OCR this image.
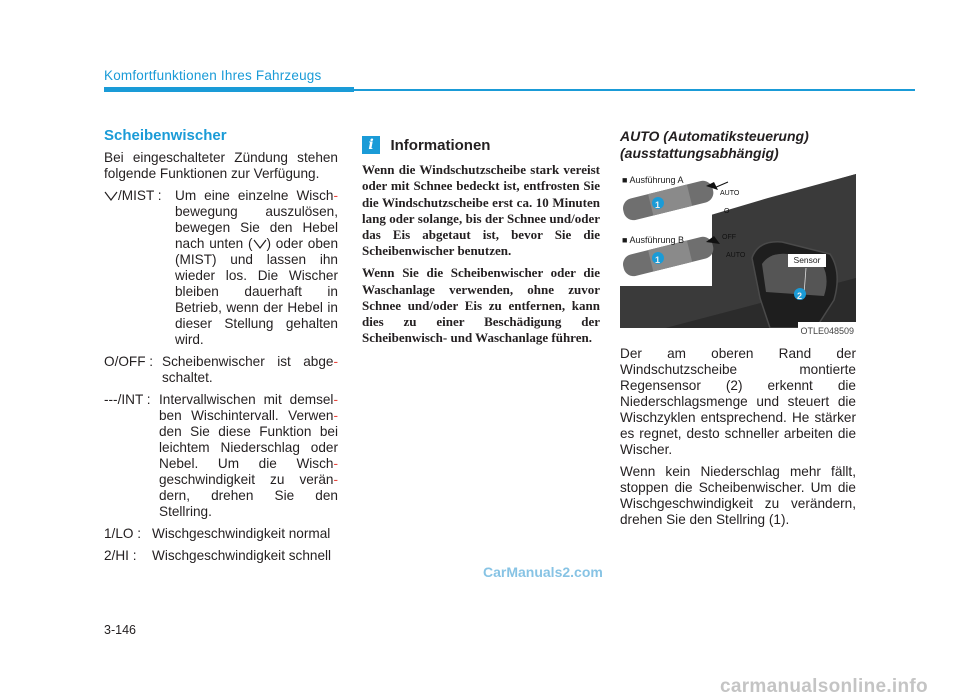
Komfortfunktionen Ihres Fahrzeugs
Scheibenwischer
Bei eingeschalteter Zündung stehen folgende Funktionen zur Verfügung.
/MIST : Um eine einzelne Wisch- bewegung auszulösen, bewegen Sie den Hebel nach unten ( ) oder oben (MIST) und lassen ihn wieder los. Die Wischer bleiben dauerhaft in Betrieb, wenn der Hebel in dieser Stellung gehalten wird.
O/OFF : Scheibenwischer ist abge- schaltet.
---/INT : Intervallwischen mit demsel- ben Wischintervall. Verwen- den Sie diese Funktion bei leichtem Niederschlag oder Nebel. Um die Wisch- geschwindigkeit zu verän- dern, drehen Sie den Stellring.
1/LO : Wischgeschwindigkeit normal
2/HI :	Wischgeschwindigkeit schnell
i Informationen

Wenn die Windschutzscheibe stark vereist oder mit Schnee bedeckt ist, entfrosten Sie die Windschutzscheibe erst ca. 10 Minuten lang oder solange, bis der Schnee und/oder das Eis abgetaut ist, bevor Sie die Scheibenwischer benutzen.

Wenn Sie die Scheibenwischer oder die Waschanlage verwenden, ohne zuvor Schnee und/oder Eis zu entfernen, kann dies zu einer Beschädigung der Scheibenwisch- und Waschanlage führen.

AUTO (Automatiksteuerung) (ausstattungsabhängig)
■ Ausführung A
■ Ausführung B
AUTO
O
OFF
AUTO
1
1
2
Sensor
OTLE048509
Der am oberen Rand der Windschutzscheibe montierte Regensensor (2) erkennt die Niederschlagsmenge und steuert die Wischzyklen entsprechend. He stärker es regnet, desto schneller arbeiten die Wischer.
Wenn kein Niederschlag mehr fällt, stoppen die Scheibenwischer. Um die Wischgeschwindigkeit zu verändern, drehen Sie den Stellring (1).
3-146
CarManuals2.com
carmanualsonline.info
